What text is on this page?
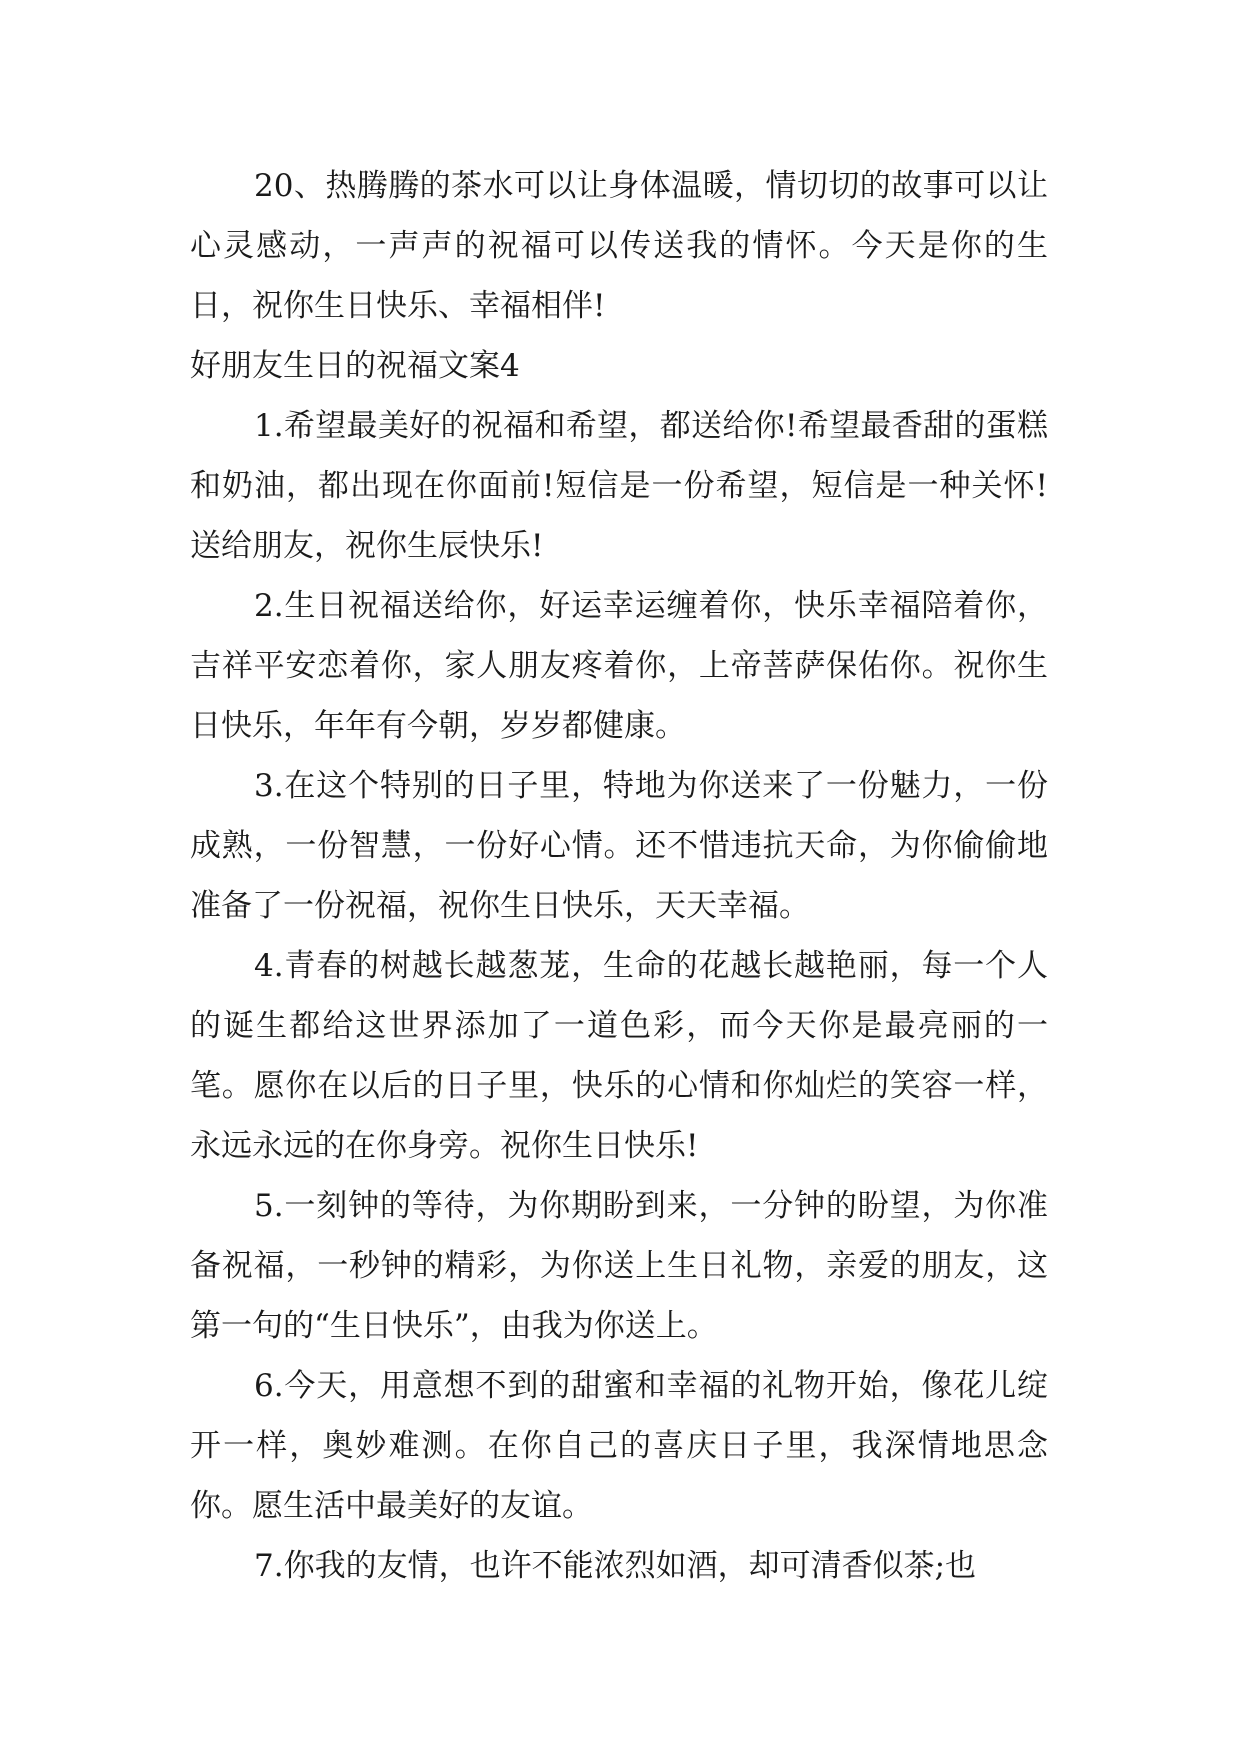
20、热腾腾的茶水可以让身体温暖，情切切的故事可以让心灵感动，一声声的祝福可以传送我的情怀。今天是你的生日，祝你生日快乐、幸福相伴!

好朋友生日的祝福文案4

1.希望最美好的祝福和希望，都送给你!希望最香甜的蛋糕和奶油，都出现在你面前!短信是一份希望，短信是一种关怀!送给朋友，祝你生辰快乐!

2.生日祝福送给你，好运幸运缠着你，快乐幸福陪着你，吉祥平安恋着你，家人朋友疼着你，上帝菩萨保佑你。祝你生日快乐，年年有今朝，岁岁都健康。

3.在这个特别的日子里，特地为你送来了一份魅力，一份成熟，一份智慧，一份好心情。还不惜违抗天命，为你偷偷地准备了一份祝福，祝你生日快乐，天天幸福。

4.青春的树越长越葱茏，生命的花越长越艳丽，每一个人的诞生都给这世界添加了一道色彩，而今天你是最亮丽的一笔。愿你在以后的日子里，快乐的心情和你灿烂的笑容一样，永远永远的在你身旁。祝你生日快乐!

5.一刻钟的等待，为你期盼到来，一分钟的盼望，为你准备祝福，一秒钟的精彩，为你送上生日礼物，亲爱的朋友，这第一句的“生日快乐”，由我为你送上。

6.今天，用意想不到的甜蜜和幸福的礼物开始，像花儿绽开一样，奥妙难测。在你自己的喜庆日子里，我深情地思念你。愿生活中最美好的友谊。

7.你我的友情，也许不能浓烈如酒，却可清香似茶;也
